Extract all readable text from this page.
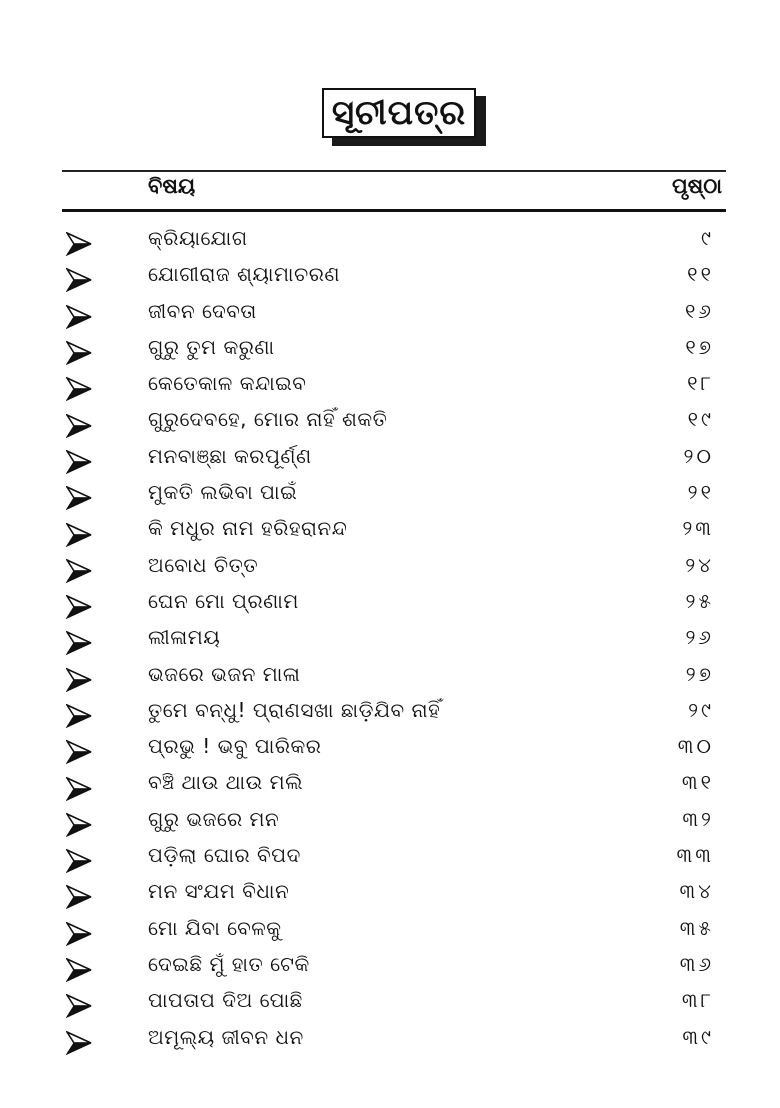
ସୂଚୀପତ୍ର
ବିଷୟ	ପୃଷ୍ଠା
କ୍ରିୟାଯୋଗ	୯
ଯୋଗୀରାଜ ଶ୍ୟାମାଚରଣ	୧୧
ଜୀବନ ଦେବତା	୧୬
ଗୁରୁ ତୁମ କରୁଣା	୧୭
କେତେକାଳ କନ୍ଦାଇବ	୧୮
ଗୁରୁଦେବହେ, ମୋର ନାହିଁ ଶକତି	୧୯
ମନବାଞ୍ଛା କରପୂର୍ଣ୍ଣ	୨୦
ମୁକତି ଲଭିବା ପାଇଁ	୨୧
କି ମଧୁର ନାମ ହରିହରାନନ୍ଦ	୨୩
ଅବୋଧ ଚିତ୍ତ	୨୪
ଘେନ ମୋ ପ୍ରଣାମ	୨୫
ଲୀଳାମୟ	୨୬
ଭଜରେ ଭଜନ ମାଳା	୨୭
ତୁମେ ବନ୍ଧୁ! ପ୍ରାଣସଖା ଛାଡ଼ିଯିବ ନାହିଁ	୨୯
ପ୍ରଭୁ ! ଭବୁ ପାରିକର	୩୦
ବଞ୍ଚି ଥାଉ ଥାଉ ମଲି	୩୧
ଗୁରୁ ଭଜରେ ମନ	୩୨
ପଡ଼ିଲା ଘୋର ବିପଦ	୩୩
ମନ ସଂଯମ ବିଧାନ	୩୪
ମୋ ଯିବା ବେଳକୁ	୩୫
ଦେଇଛି ମୁଁ ହାତ ଟେକି	୩୬
ପାପତାପ ଦିଅ ପୋଛି	୩୮
ଅମୂଲ୍ୟ ଜୀବନ ଧନ	୩୯
